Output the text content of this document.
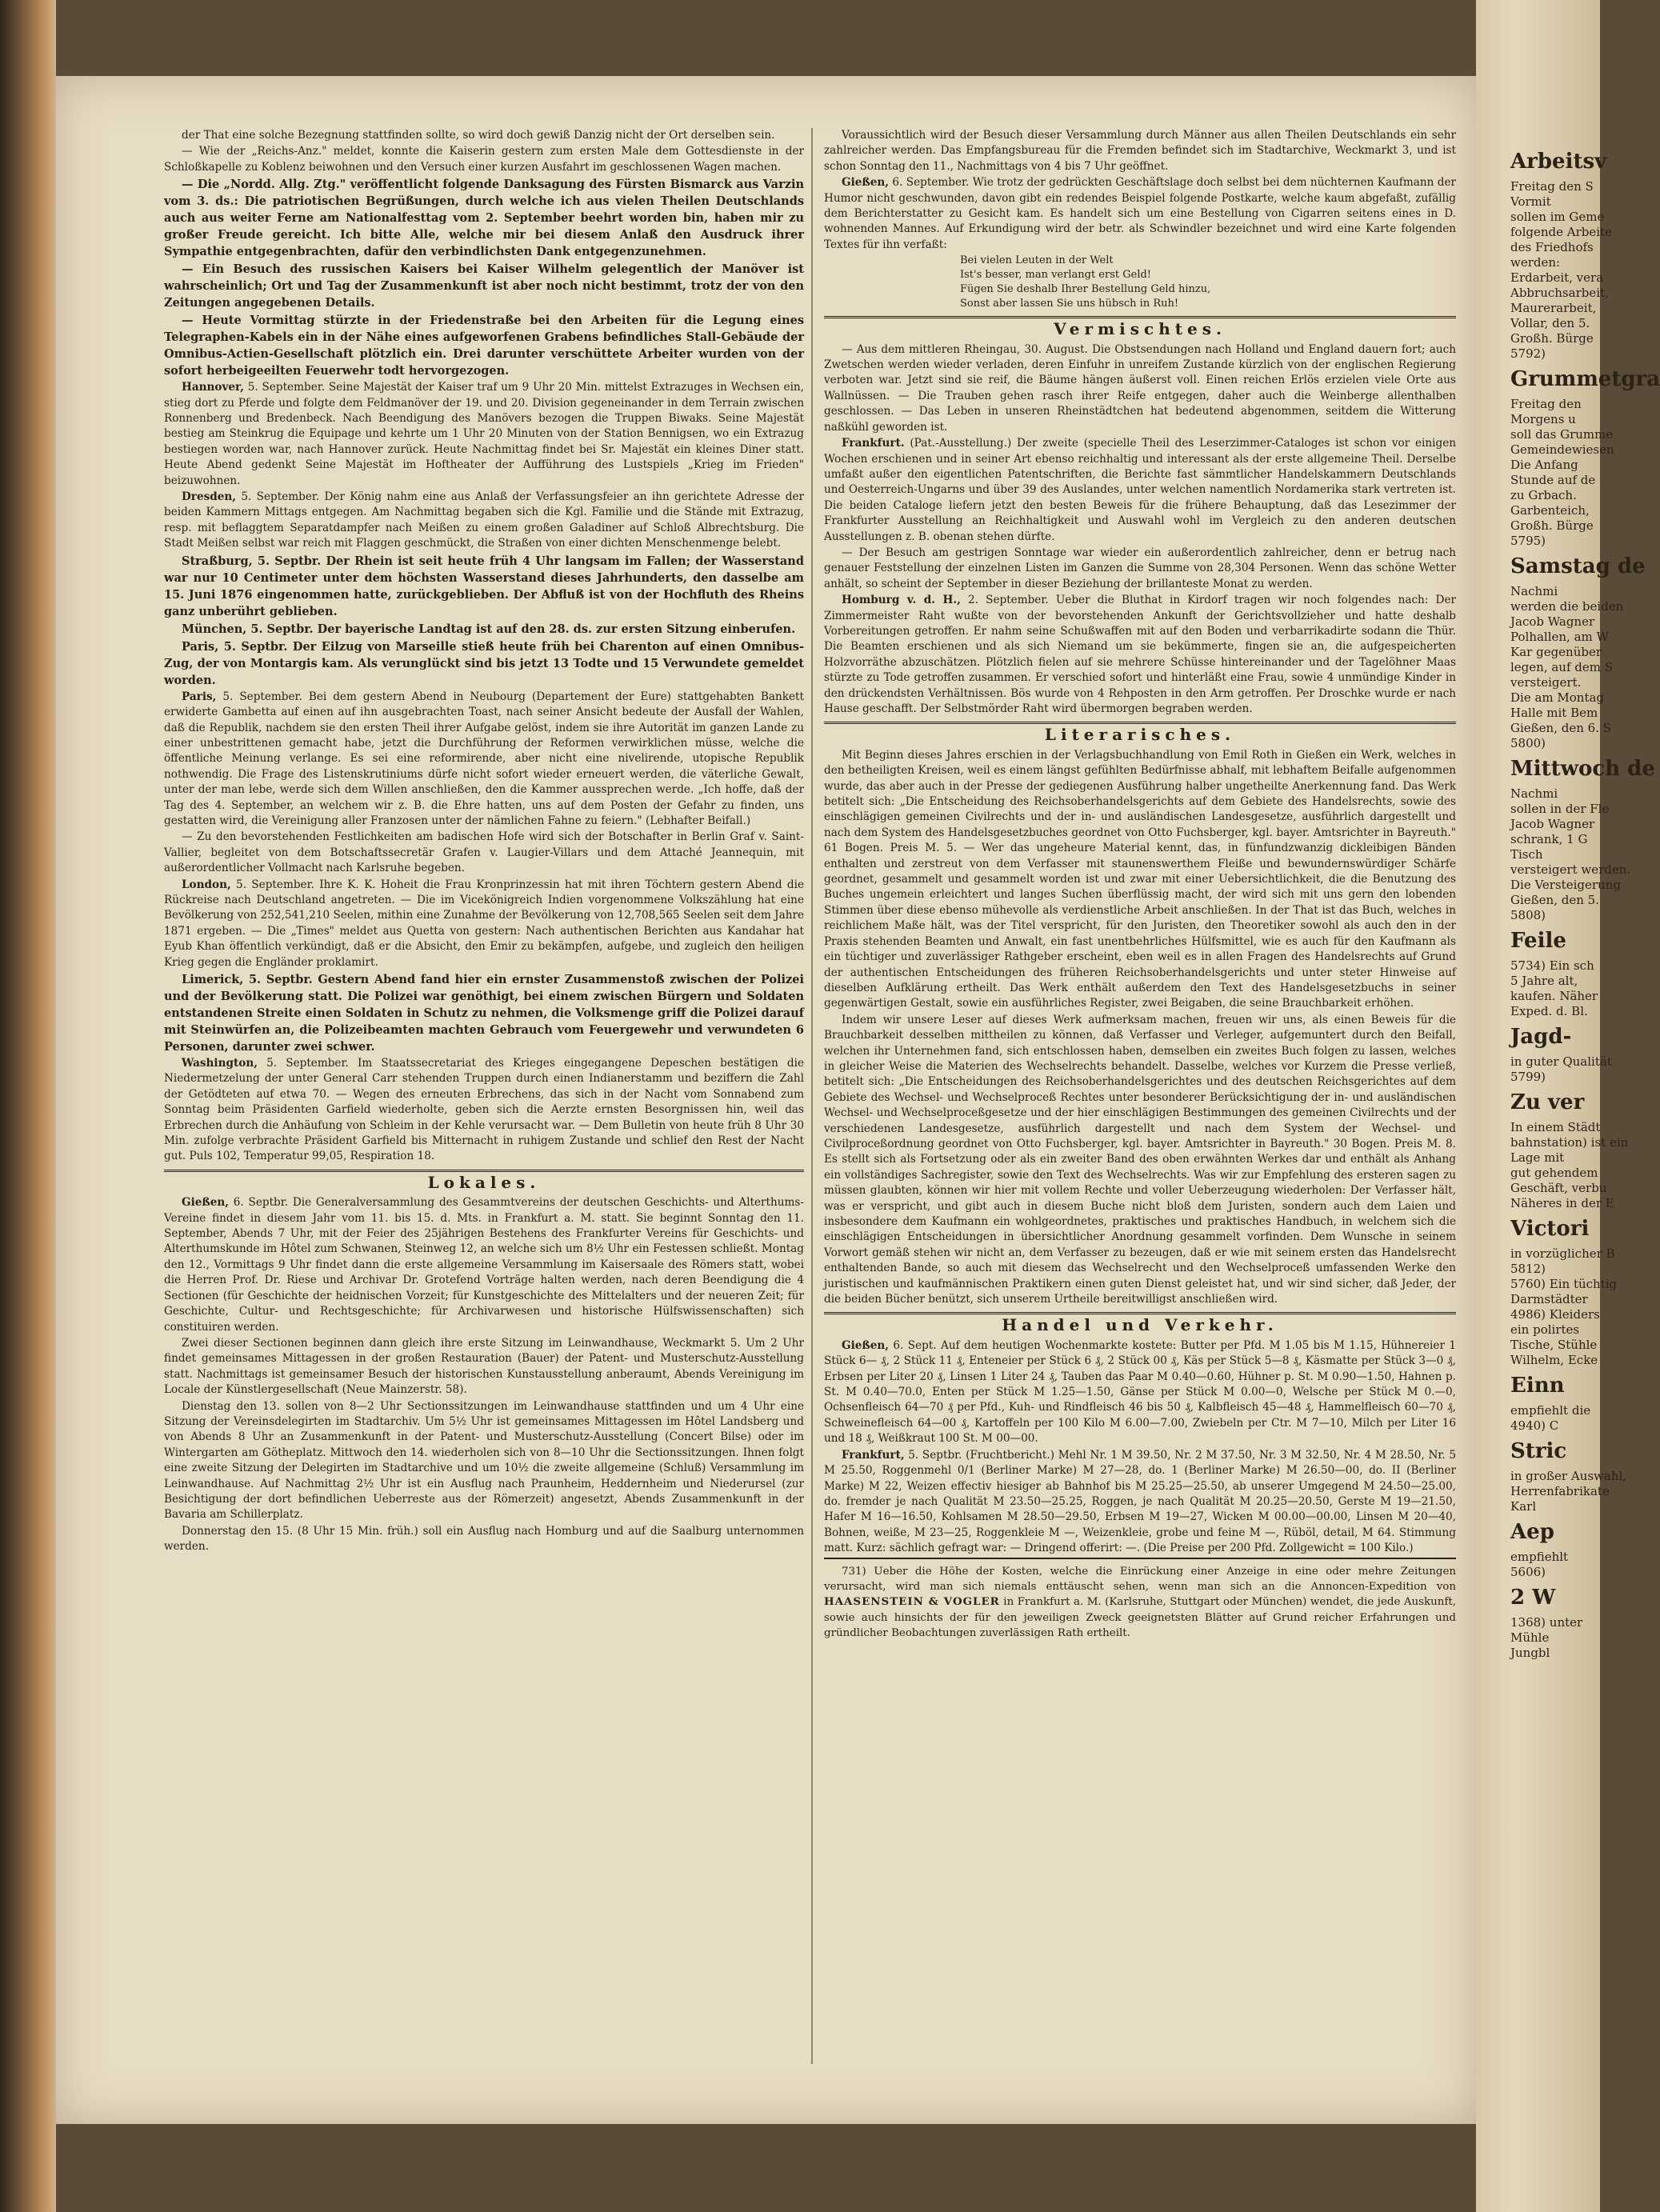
der That eine solche Bezegnung stattfinden sollte, so wird doch gewiß Danzig nicht der Ort derselben sein.

— Wie der „Reichs-Anz." meldet, konnte die Kaiserin gestern zum ersten Male dem Gottesdienste in der Schloßkapelle zu Koblenz beiwohnen und den Versuch einer kurzen Ausfahrt im geschlossenen Wagen machen.

— Die „Nordd. Allg. Ztg." veröffentlicht folgende Danksagung des Fürsten Bismarck aus Varzin vom 3. ds.: Die patriotischen Begrüßungen, durch welche ich aus vielen Theilen Deutschlands auch aus weiter Ferne am Nationalfesttag vom 2. September beehrt worden bin, haben mir zu großer Freude gereicht. Ich bitte Alle, welche mir bei diesem Anlaß den Ausdruck ihrer Sympathie entgegenbrachten, dafür den verbindlichsten Dank entgegenzunehmen.

— Ein Besuch des russischen Kaisers bei Kaiser Wilhelm gelegentlich der Manöver ist wahrscheinlich; Ort und Tag der Zusammenkunft ist aber noch nicht bestimmt, trotz der von den Zeitungen angegebenen Details.

— Heute Vormittag stürzte in der Friedenstraße bei den Arbeiten für die Legung eines Telegraphen-Kabels ein in der Nähe eines aufgeworfenen Grabens befindliches Stall-Gebäude der Omnibus-Actien-Gesellschaft plötzlich ein. Drei darunter verschüttete Arbeiter wurden von der sofort herbeigeeilten Feuerwehr todt hervorgezogen.

Hannover, 5. September. Seine Majestät der Kaiser traf um 9 Uhr 20 Min. mittelst Extrazuges in Wechsen ein, stieg dort zu Pferde und folgte dem Feldmanöver der 19. und 20. Division gegeneinander in dem Terrain zwischen Ronnenberg und Bredenbeck. Nach Beendigung des Manövers bezogen die Truppen Biwaks. Seine Majestät bestieg am Steinkrug die Equipage und kehrte um 1 Uhr 20 Minuten von der Station Bennigsen, wo ein Extrazug bestiegen worden war, nach Hannover zurück. Heute Nachmittag findet bei Sr. Majestät ein kleines Diner statt. Heute Abend gedenkt Seine Majestät im Hoftheater der Aufführung des Lustspiels „Krieg im Frieden" beizuwohnen.

Dresden, 5. September. Der König nahm eine aus Anlaß der Verfassungsfeier an ihn gerichtete Adresse der beiden Kammern Mittags entgegen. Am Nachmittag begaben sich die Kgl. Familie und die Stände mit Extrazug, resp. mit beflaggtem Separatdampfer nach Meißen zu einem großen Galadiner auf Schloß Albrechtsburg. Die Stadt Meißen selbst war reich mit Flaggen geschmückt, die Straßen von einer dichten Menschenmenge belebt.

Straßburg, 5. Septbr. Der Rhein ist seit heute früh 4 Uhr langsam im Fallen; der Wasserstand war nur 10 Centimeter unter dem höchsten Wasserstand dieses Jahrhunderts, den dasselbe am 15. Juni 1876 eingenommen hatte, zurückgeblieben. Der Abfluß ist von der Hochfluth des Rheins ganz unberührt geblieben.

München, 5. Septbr. Der bayerische Landtag ist auf den 28. ds. zur ersten Sitzung einberufen.

Paris, 5. Septbr. Der Eilzug von Marseille stieß heute früh bei Charenton auf einen Omnibus-Zug, der von Montargis kam. Als verunglückt sind bis jetzt 13 Todte und 15 Verwundete gemeldet worden.

Paris, 5. September. Bei dem gestern Abend in Neubourg (Departement der Eure) stattgehabten Bankett erwiderte Gambetta auf einen auf ihn ausgebrachten Toast, nach seiner Ansicht bedeute der Ausfall der Wahlen, daß die Republik, nachdem sie den ersten Theil ihrer Aufgabe gelöst, indem sie ihre Autorität im ganzen Lande zu einer unbestrittenen gemacht habe, jetzt die Durchführung der Reformen verwirklichen müsse, welche die öffentliche Meinung verlange. Es sei eine reformirende, aber nicht eine nivelirende, utopische Republik nothwendig. Die Frage des Listenskrutiniums dürfe nicht sofort wieder erneuert werden, die väterliche Gewalt, unter der man lebe, werde sich dem Willen anschließen, den die Kammer aussprechen werde. „Ich hoffe, daß der Tag des 4. September, an welchem wir z. B. die Ehre hatten, uns auf dem Posten der Gefahr zu finden, uns gestatten wird, die Vereinigung aller Franzosen unter der nämlichen Fahne zu feiern." (Lebhafter Beifall.)

— Zu den bevorstehenden Festlichkeiten am badischen Hofe wird sich der Botschafter in Berlin Graf v. Saint-Vallier, begleitet von dem Botschaftssecretär Grafen v. Laugier-Villars und dem Attaché Jeannequin, mit außerordentlicher Vollmacht nach Karlsruhe begeben.

London, 5. September. Ihre K. K. Hoheit die Frau Kronprinzessin hat mit ihren Töchtern gestern Abend die Rückreise nach Deutschland angetreten. — Die im Vicekönigreich Indien vorgenommene Volkszählung hat eine Bevölkerung von 252,541,210 Seelen, mithin eine Zunahme der Bevölkerung von 12,708,565 Seelen seit dem Jahre 1871 ergeben. — Die „Times" meldet aus Quetta von gestern: Nach authentischen Berichten aus Kandahar hat Eyub Khan öffentlich verkündigt, daß er die Absicht, den Emir zu bekämpfen, aufgebe, und zugleich den heiligen Krieg gegen die Engländer proklamirt.

Limerick, 5. Septbr. Gestern Abend fand hier ein ernster Zusammenstoß zwischen der Polizei und der Bevölkerung statt. Die Polizei war genöthigt, bei einem zwischen Bürgern und Soldaten entstandenen Streite einen Soldaten in Schutz zu nehmen, die Volksmenge griff die Polizei darauf mit Steinwürfen an, die Polizeibeamten machten Gebrauch vom Feuergewehr und verwundeten 6 Personen, darunter zwei schwer.

Washington, 5. September. Im Staatssecretariat des Krieges eingegangene Depeschen bestätigen die Niedermetzelung der unter General Carr stehenden Truppen durch einen Indianerstamm und beziffern die Zahl der Getödteten auf etwa 70. — Wegen des erneuten Erbrechens, das sich in der Nacht vom Sonnabend zum Sonntag beim Präsidenten Garfield wiederholte, geben sich die Aerzte ernsten Besorgnissen hin, weil das Erbrechen durch die Anhäufung von Schleim in der Kehle verursacht war. — Dem Bulletin von heute früh 8 Uhr 30 Min. zufolge verbrachte Präsident Garfield bis Mitternacht in ruhigem Zustande und schlief den Rest der Nacht gut. Puls 102, Temperatur 99,05, Respiration 18.

Lokales.

Gießen, 6. Septbr. Die Generalversammlung des Gesammtvereins der deutschen Geschichts- und Alterthums-Vereine findet in diesem Jahr vom 11. bis 15. d. Mts. in Frankfurt a. M. statt. Sie beginnt Sonntag den 11. September, Abends 7 Uhr, mit der Feier des 25jährigen Bestehens des Frankfurter Vereins für Geschichts- und Alterthumskunde im Hôtel zum Schwanen, Steinweg 12, an welche sich um 8½ Uhr ein Festessen schließt. Montag den 12., Vormittags 9 Uhr findet dann die erste allgemeine Versammlung im Kaisersaale des Römers statt, wobei die Herren Prof. Dr. Riese und Archivar Dr. Grotefend Vorträge halten werden, nach deren Beendigung die 4 Sectionen (für Geschichte der heidnischen Vorzeit; für Kunstgeschichte des Mittelalters und der neueren Zeit; für Geschichte, Cultur- und Rechtsgeschichte; für Archivarwesen und historische Hülfswissenschaften) sich constituiren werden.

Zwei dieser Sectionen beginnen dann gleich ihre erste Sitzung im Leinwandhause, Weckmarkt 5. Um 2 Uhr findet gemeinsames Mittagessen in der großen Restauration (Bauer) der Patent- und Musterschutz-Ausstellung statt. Nachmittags ist gemeinsamer Besuch der historischen Kunstausstellung anberaumt, Abends Vereinigung im Locale der Künstlergesellschaft (Neue Mainzerstr. 58).

Dienstag den 13. sollen von 8—2 Uhr Sectionssitzungen im Leinwandhause stattfinden und um 4 Uhr eine Sitzung der Vereinsdelegirten im Stadtarchiv. Um 5½ Uhr ist gemeinsames Mittagessen im Hôtel Landsberg und von Abends 8 Uhr an Zusammenkunft in der Patent- und Musterschutz-Ausstellung (Concert Bilse) oder im Wintergarten am Götheplatz. Mittwoch den 14. wiederholen sich von 8—10 Uhr die Sectionssitzungen. Ihnen folgt eine zweite Sitzung der Delegirten im Stadtarchive und um 10½ die zweite allgemeine (Schluß) Versammlung im Leinwandhause. Auf Nachmittag 2½ Uhr ist ein Ausflug nach Praunheim, Heddernheim und Niederursel (zur Besichtigung der dort befindlichen Ueberreste aus der Römerzeit) angesetzt, Abends Zusammenkunft in der Bavaria am Schillerplatz.

Donnerstag den 15. (8 Uhr 15 Min. früh.) soll ein Ausflug nach Homburg und auf die Saalburg unternommen werden.

Voraussichtlich wird der Besuch dieser Versammlung durch Männer aus allen Theilen Deutschlands ein sehr zahlreicher werden. Das Empfangsbureau für die Fremden befindet sich im Stadtarchive, Weckmarkt 3, und ist schon Sonntag den 11., Nachmittags von 4 bis 7 Uhr geöffnet.

Gießen, 6. September. Wie trotz der gedrückten Geschäftslage doch selbst bei dem nüchternen Kaufmann der Humor nicht geschwunden, davon gibt ein redendes Beispiel folgende Postkarte, welche kaum abgefaßt, zufällig dem Berichterstatter zu Gesicht kam. Es handelt sich um eine Bestellung von Cigarren seitens eines in D. wohnenden Mannes. Auf Erkundigung wird der betr. als Schwindler bezeichnet und wird eine Karte folgenden Textes für ihn verfaßt:

Bei vielen Leuten in der Welt
Ist's besser, man verlangt erst Geld!
Fügen Sie deshalb Ihrer Bestellung Geld hinzu,
Sonst aber lassen Sie uns hübsch in Ruh!
Vermischtes.

— Aus dem mittleren Rheingau, 30. August. Die Obstsendungen nach Holland und England dauern fort; auch Zwetschen werden wieder verladen, deren Einfuhr in unreifem Zustande kürzlich von der englischen Regierung verboten war. Jetzt sind sie reif, die Bäume hängen äußerst voll. Einen reichen Erlös erzielen viele Orte aus Wallnüssen. — Die Trauben gehen rasch ihrer Reife entgegen, daher auch die Weinberge allenthalben geschlossen. — Das Leben in unseren Rheinstädtchen hat bedeutend abgenommen, seitdem die Witterung naßkühl geworden ist.

Frankfurt. (Pat.-Ausstellung.) Der zweite (specielle Theil des Leserzimmer-Cataloges ist schon vor einigen Wochen erschienen und in seiner Art ebenso reichhaltig und interessant als der erste allgemeine Theil. Derselbe umfaßt außer den eigentlichen Patentschriften, die Berichte fast sämmtlicher Handelskammern Deutschlands und Oesterreich-Ungarns und über 39 des Auslandes, unter welchen namentlich Nordamerika stark vertreten ist. Die beiden Cataloge liefern jetzt den besten Beweis für die frühere Behauptung, daß das Lesezimmer der Frankfurter Ausstellung an Reichhaltigkeit und Auswahl wohl im Vergleich zu den anderen deutschen Ausstellungen z. B. obenan stehen dürfte.

— Der Besuch am gestrigen Sonntage war wieder ein außerordentlich zahlreicher, denn er betrug nach genauer Feststellung der einzelnen Listen im Ganzen die Summe von 28,304 Personen. Wenn das schöne Wetter anhält, so scheint der September in dieser Beziehung der brillanteste Monat zu werden.

Homburg v. d. H., 2. September. Ueber die Bluthat in Kirdorf tragen wir noch folgendes nach: Der Zimmermeister Raht wußte von der bevorstehenden Ankunft der Gerichtsvollzieher und hatte deshalb Vorbereitungen getroffen. Er nahm seine Schußwaffen mit auf den Boden und verbarrikadirte sodann die Thür. Die Beamten erschienen und als sich Niemand um sie bekümmerte, fingen sie an, die aufgespeicherten Holzvorräthe abzuschätzen. Plötzlich fielen auf sie mehrere Schüsse hintereinander und der Tagelöhner Maas stürzte zu Tode getroffen zusammen. Er verschied sofort und hinterläßt eine Frau, sowie 4 unmündige Kinder in den drückendsten Verhältnissen. Bös wurde von 4 Rehposten in den Arm getroffen. Per Droschke wurde er nach Hause geschafft. Der Selbstmörder Raht wird übermorgen begraben werden.

Literarisches.

Mit Beginn dieses Jahres erschien in der Verlagsbuchhandlung von Emil Roth in Gießen ein Werk, welches in den betheiligten Kreisen, weil es einem längst gefühlten Bedürfnisse abhalf, mit lebhaftem Beifalle aufgenommen wurde, das aber auch in der Presse der gediegenen Ausführung halber ungetheilte Anerkennung fand. Das Werk betitelt sich: „Die Entscheidung des Reichsoberhandelsgerichts auf dem Gebiete des Handelsrechts, sowie des einschlägigen gemeinen Civilrechts und der in- und ausländischen Landesgesetze, ausführlich dargestellt und nach dem System des Handelsgesetzbuches geordnet von Otto Fuchsberger, kgl. bayer. Amtsrichter in Bayreuth." 61 Bogen. Preis M. 5. — Wer das ungeheure Material kennt, das, in fünfundzwanzig dickleibigen Bänden enthalten und zerstreut von dem Verfasser mit staunenswerthem Fleiße und bewundernswürdiger Schärfe geordnet, gesammelt und gesammelt worden ist und zwar mit einer Uebersichtlichkeit, die die Benutzung des Buches ungemein erleichtert und langes Suchen überflüssig macht, der wird sich mit uns gern den lobenden Stimmen über diese ebenso mühevolle als verdienstliche Arbeit anschließen. In der That ist das Buch, welches in reichlichem Maße hält, was der Titel verspricht, für den Juristen, den Theoretiker sowohl als auch den in der Praxis stehenden Beamten und Anwalt, ein fast unentbehrliches Hülfsmittel, wie es auch für den Kaufmann als ein tüchtiger und zuverlässiger Rathgeber erscheint, eben weil es in allen Fragen des Handelsrechts auf Grund der authentischen Entscheidungen des früheren Reichsoberhandelsgerichts und unter steter Hinweise auf dieselben Aufklärung ertheilt. Das Werk enthält außerdem den Text des Handelsgesetzbuchs in seiner gegenwärtigen Gestalt, sowie ein ausführliches Register, zwei Beigaben, die seine Brauchbarkeit erhöhen.

Indem wir unsere Leser auf dieses Werk aufmerksam machen, freuen wir uns, als einen Beweis für die Brauchbarkeit desselben mittheilen zu können, daß Verfasser und Verleger, aufgemuntert durch den Beifall, welchen ihr Unternehmen fand, sich entschlossen haben, demselben ein zweites Buch folgen zu lassen, welches in gleicher Weise die Materien des Wechselrechts behandelt. Dasselbe, welches vor Kurzem die Presse verließ, betitelt sich: „Die Entscheidungen des Reichsoberhandelsgerichtes und des deutschen Reichsgerichtes auf dem Gebiete des Wechsel- und Wechselproceß Rechtes unter besonderer Berücksichtigung der in- und ausländischen Wechsel- und Wechselproceßgesetze und der hier einschlägigen Bestimmungen des gemeinen Civilrechts und der verschiedenen Landesgesetze, ausführlich dargestellt und nach dem System der Wechsel- und Civilproceßordnung geordnet von Otto Fuchsberger, kgl. bayer. Amtsrichter in Bayreuth." 30 Bogen. Preis M. 8. Es stellt sich als Fortsetzung oder als ein zweiter Band des oben erwähnten Werkes dar und enthält als Anhang ein vollständiges Sachregister, sowie den Text des Wechselrechts. Was wir zur Empfehlung des ersteren sagen zu müssen glaubten, können wir hier mit vollem Rechte und voller Ueberzeugung wiederholen: Der Verfasser hält, was er verspricht, und gibt auch in diesem Buche nicht bloß dem Juristen, sondern auch dem Laien und insbesondere dem Kaufmann ein wohlgeordnetes, praktisches und praktisches Handbuch, in welchem sich die einschlägigen Entscheidungen in übersichtlicher Anordnung gesammelt vorfinden. Dem Wunsche in seinem Vorwort gemäß stehen wir nicht an, dem Verfasser zu bezeugen, daß er wie mit seinem ersten das Handelsrecht enthaltenden Bande, so auch mit diesem das Wechselrecht und den Wechselproceß umfassenden Werke den juristischen und kaufmännischen Praktikern einen guten Dienst geleistet hat, und wir sind sicher, daß Jeder, der die beiden Bücher benützt, sich unserem Urtheile bereitwilligst anschließen wird.

Handel und Verkehr.

Gießen, 6. Sept. Auf dem heutigen Wochenmarkte kostete: Butter per Pfd. M 1.05 bis M 1.15, Hühnereier 1 Stück 6— ₰, 2 Stück 11 ₰, Enteneier per Stück 6 ₰, 2 Stück 00 ₰, Käs per Stück 5—8 ₰, Käsmatte per Stück 3—0 ₰, Erbsen per Liter 20 ₰, Linsen 1 Liter 24 ₰, Tauben das Paar M 0.40—0.60, Hühner p. St. M 0.90—1.50, Hahnen p. St. M 0.40—70.0, Enten per Stück M 1.25—1.50, Gänse per Stück M 0.00—0, Welsche per Stück M 0.—0, Ochsenfleisch 64—70 ₰ per Pfd., Kuh- und Rindfleisch 46 bis 50 ₰, Kalbfleisch 45—48 ₰, Hammelfleisch 60—70 ₰, Schweinefleisch 64—00 ₰, Kartoffeln per 100 Kilo M 6.00—7.00, Zwiebeln per Ctr. M 7—10, Milch per Liter 16 und 18 ₰, Weißkraut 100 St. M 00—00.

Frankfurt, 5. Septbr. (Fruchtbericht.) Mehl Nr. 1 M 39.50, Nr. 2 M 37.50, Nr. 3 M 32.50, Nr. 4 M 28.50, Nr. 5 M 25.50, Roggenmehl 0/1 (Berliner Marke) M 27—28, do. 1 (Berliner Marke) M 26.50—00, do. II (Berliner Marke) M 22, Weizen effectiv hiesiger ab Bahnhof bis M 25.25—25.50, ab unserer Umgegend M 24.50—25.00, do. fremder je nach Qualität M 23.50—25.25, Roggen, je nach Qualität M 20.25—20.50, Gerste M 19—21.50, Hafer M 16—16.50, Kohlsamen M 28.50—29.50, Erbsen M 19—27, Wicken M 00.00—00.00, Linsen M 20—40, Bohnen, weiße, M 23—25, Roggenkleie M —, Weizenkleie, grobe und feine M —, Rüböl, detail, M 64. Stimmung matt. Kurz: sächlich gefragt war: — Dringend offerirt: —. (Die Preise per 200 Pfd. Zollgewicht = 100 Kilo.)

731) Ueber die Höhe der Kosten, welche die Einrückung einer Anzeige in eine oder mehre Zeitungen verursacht, wird man sich niemals enttäuscht sehen, wenn man sich an die Annoncen-Expedition von HAASENSTEIN & VOGLER in Frankfurt a. M. (Karlsruhe, Stuttgart oder München) wendet, die jede Auskunft, sowie auch hinsichts der für den jeweiligen Zweck geeignetsten Blätter auf Grund reicher Erfahrungen und gründlicher Beobachtungen zuverlässigen Rath ertheilt.

Arbeitsv
Freitag den S
Vormit
sollen im Geme
folgende Arbeite
des Friedhofs
werden:
Erdarbeit, vera
Abbruchsarbeit,
Maurerarbeit,
Vollar, den 5.
Großh. Bürge
5792)
Grummetgra
Freitag den
Morgens u
soll das Grumme
Gemeindewiesen
Die Anfang
Stunde auf de
zu Grbach.
Garbenteich,
Großh. Bürge
5795)
Samstag de
Nachmi
werden die beiden
Jacob Wagner
Polhallen, am W
Kar gegenüber
legen, auf dem S
versteigert.
Die am Montag
Halle mit Bem
Gießen, den 6. S
5800)
Mittwoch de
Nachmi
sollen in der Fle
Jacob Wagner
schrank, 1 G
Tisch
versteigert werden.
Die Versteigerung
Gießen, den 5.
5808)
Feile
5734) Ein sch
5 Jahre alt,
kaufen. Näher
Exped. d. Bl.
Jagd-
in guter Qualität
5799)
Zu ver
In einem Städt
bahnstation) ist ein
Lage mit
gut gehendem
Geschäft, verbu
Näheres in der E
Victori
in vorzüglicher B
5812)
5760) Ein tüchtig
Darmstädter
4986) Kleiders
ein polirtes
Tische, Stühle
Wilhelm, Ecke
Einn
empfiehlt die
4940) C
Stric
in großer Auswahl,
Herrenfabrikate
Karl
Aep
empfiehlt
5606)
2 W
1368) unter
Mühle
Jungbl
